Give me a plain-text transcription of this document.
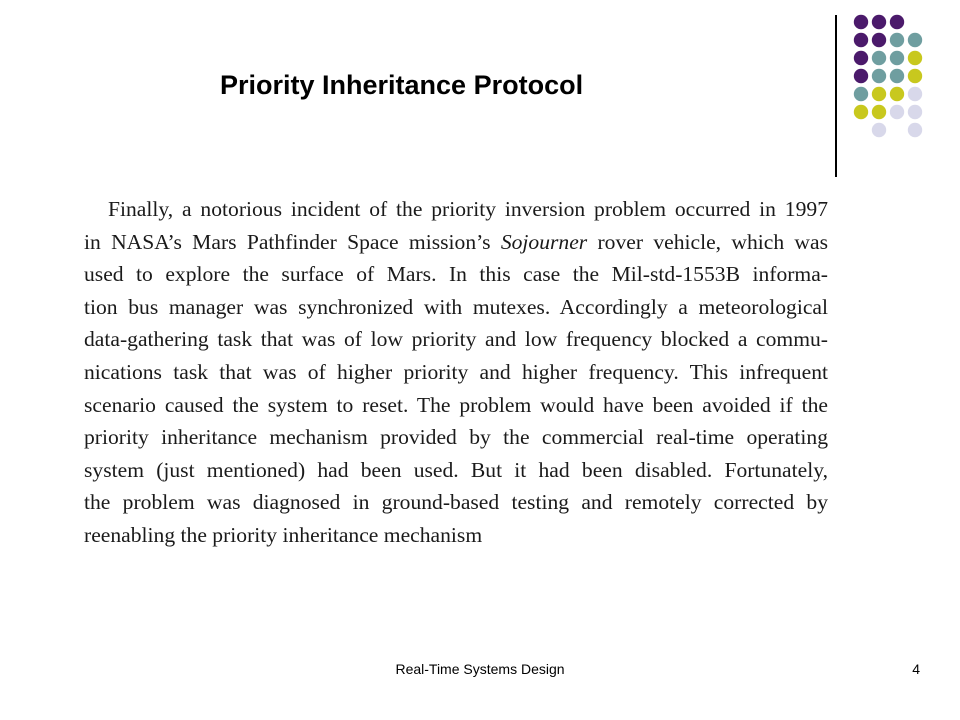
Priority Inheritance Protocol
Finally, a notorious incident of the priority inversion problem occurred in 1997
in NASA’s Mars Pathfinder Space mission’s Sojourner rover vehicle, which was
used to explore the surface of Mars. In this case the Mil-std-1553B informa-
tion bus manager was synchronized with mutexes. Accordingly a meteorological
data-gathering task that was of low priority and low frequency blocked a commu-
nications task that was of higher priority and higher frequency. This infrequent
scenario caused the system to reset. The problem would have been avoided if the
priority inheritance mechanism provided by the commercial real-time operating
system (just mentioned) had been used. But it had been disabled. Fortunately,
the problem was diagnosed in ground-based testing and remotely corrected by
reenabling the priority inheritance mechanism
Real-Time Systems Design	4
